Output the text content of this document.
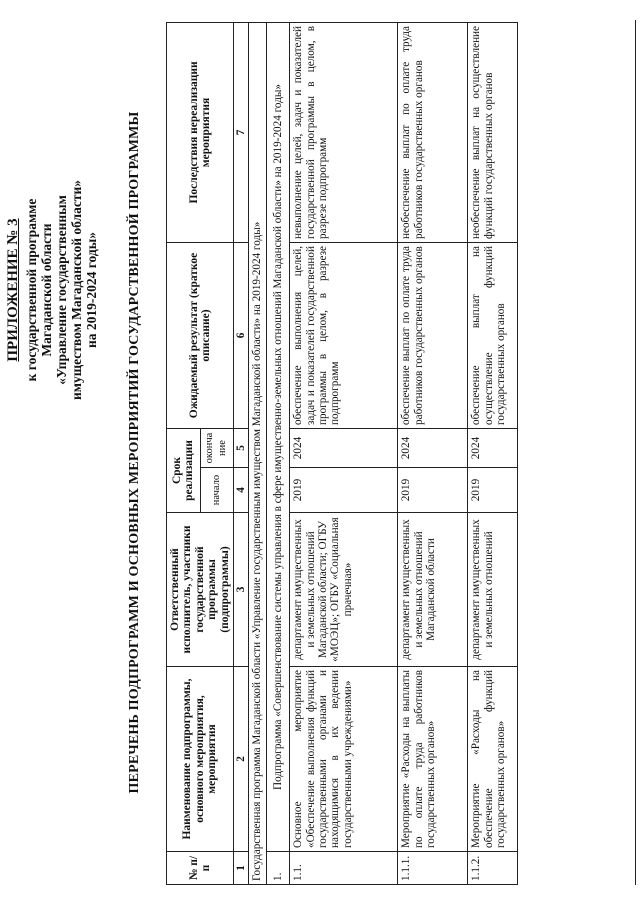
ПРИЛОЖЕНИЕ № 3 к государственной программе Магаданской области «Управление государственным имуществом Магаданской области» на 2019-2024 годы» ПЕРЕЧЕНЬ ПОДПРОГРАММ И ОСНОВНЫХ МЕРОПРИЯТИЙ ГОСУДАРСТВЕННОЙ ПРОГРАММЫ
№ п/п	Наименование подпрограммы, основного мероприятия, мероприятия	Ответственный исполнитель, участники государственной программы (подпрограммы)	Срок реализации		Ожидаемый результат (краткое описание)	Последствия нереализации мероприятия
			начало	оконча ние		
1	2	3	4	5	6	7
Государственная программа Магаданской области «Управление государственным имуществом Магаданской области» на 2019-2024 годы»						
1.	Подпрограмма «Совершенствование системы управления в сфере имущественно-земельных отношений Магаданской области» на 2019-2024 годы»					
1.1.	Основное мероприятие «Обеспечение выполнения функций государственными органами и находящимися в их ведении государственными учреждениями»	департамент имущественных и земельных отношений Магаданской области; ОГБУ «МОЭЦ»; ОГБУ «Социальная прачечная»	2019	2024	обеспечение выполнения целей, задач и показателей государственной программы в целом, в разрезе подпрограмм	невыполнение целей, задач и показателей государственной программы в целом, в разрезе подпрограмм
1.1.1.	Мероприятие «Расходы на выплаты по оплате труда работников государственных органов»	департамент имущественных и земельных отношений Магаданской области	2019	2024	обеспечение выплат по оплате труда работников государственных органов	необеспечение выплат по оплате труда работников государственных органов
1.1.2.	Мероприятие «Расходы на обеспечение функций государственных органов»	департамент имущественных и земельных отношений	2019	2024	обеспечение выплат на осуществление функций государственных органов	необеспечение выплат на осуществление функций государственных органов
